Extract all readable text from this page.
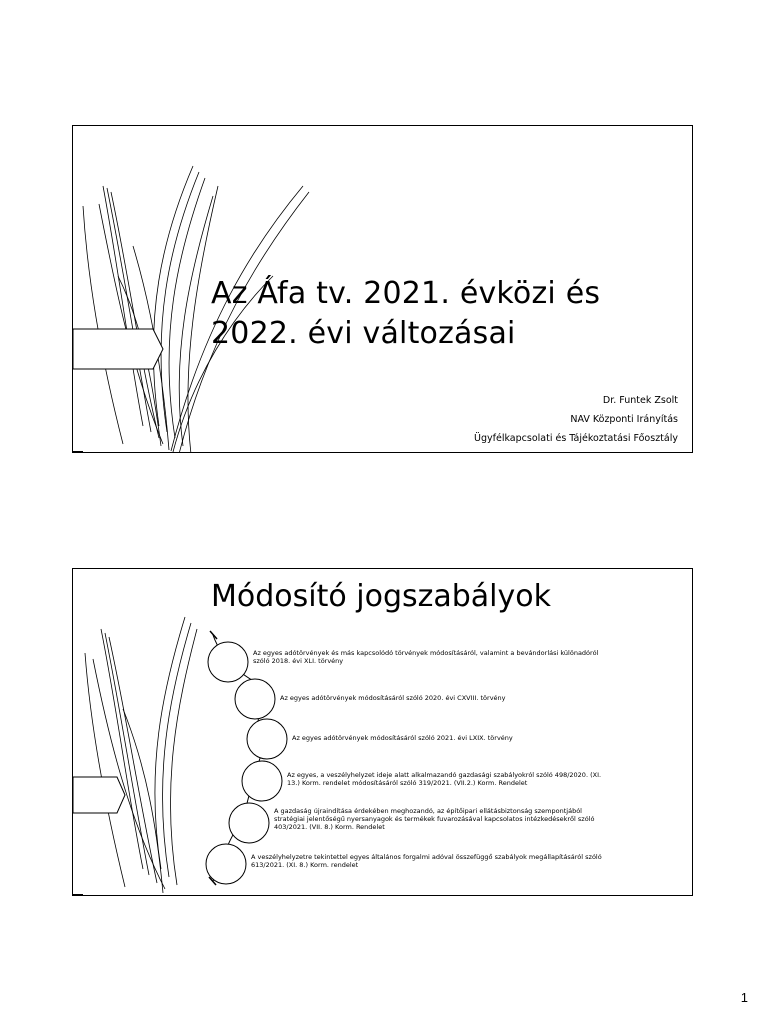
Az Áfa tv. 2021. évközi és
2022. évi változásai
Dr. Funtek Zsolt
NAV Központi Irányítás
Ügyfélkapcsolati és Tájékoztatási Főosztály
Módosító jogszabályok
Az egyes adótörvények és más kapcsolódó törvények módosításáról, valamint a bevándorlási különadóról
szóló 2018. évi XLI. törvény
Az egyes adótörvények módosításáról szóló 2020. évi CXVIII. törvény
Az egyes adótörvények módosításáról szóló 2021. évi LXIX. törvény
Az egyes, a veszélyhelyzet ideje alatt alkalmazandó gazdasági szabályokról szóló 498/2020. (XI.
13.) Korm. rendelet módosításáról szóló 319/2021. (VII.2.) Korm. Rendelet
A gazdaság újraindítása érdekében meghozandó, az építőipari ellátásbiztonság szempontjából
stratégiai jelentőségű nyersanyagok és termékek fuvarozásával kapcsolatos intézkedésekről szóló
403/2021. (VII. 8.) Korm. Rendelet
A veszélyhelyzetre tekintettel egyes általános forgalmi adóval összefüggő szabályok megállapításáról szóló
613/2021. (XI. 8.) Korm. rendelet
1
